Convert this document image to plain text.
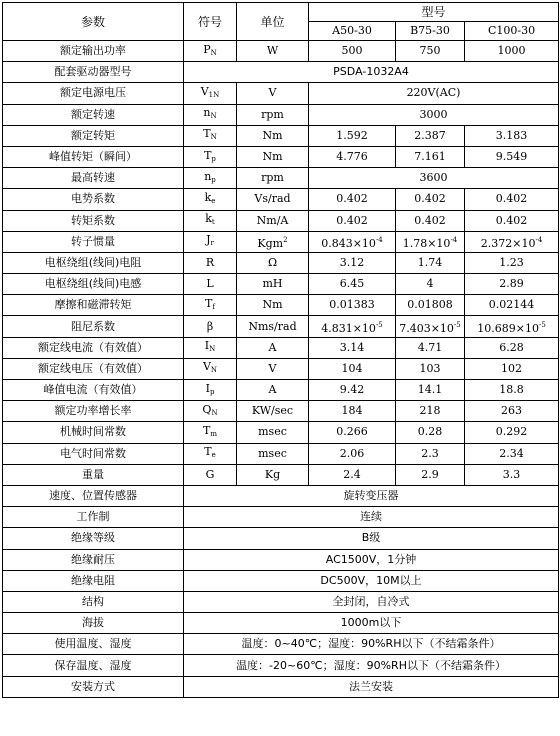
参数	符号	单位	型号		
			A50-30	B75-30	C100-30
额定输出功率	$P_N$	W	500	750	1000
配套驱动器型号	PSDA-1032A4				
额定电源电压	$V_{1N}$	V	220V(AC)		
额定转速	$n_N$	rpm	3000		
额定转矩	$T_N$	Nm	1.592	2.387	3.183
峰值转矩（瞬间）	$T_p$	Nm	4.776	7.161	9.549
最高转速	$n_p$	rpm	3600		
电势系数	$k_e$	Vs/rad	0.402	0.402	0.402
转矩系数	$k_t$	Nm/A	0.402	0.402	0.402
转子惯量	$J_r$	Kgm$^2$	$0.843\times 10^{-4}$	$1.78\times 10^{-4}$	$2.372\times 10^{-4}$
电枢绕组(线间)电阻	R	Ω	3.12	1.74	1.23
电枢绕组(线间)电感	L	mH	6.45	4	2.89
摩擦和磁滞转矩	$T_f$	Nm	0.01383	0.01808	0.02144
阻尼系数	β	Nms/rad	$4.831\times 10^{-5}$	$7.403\times 10^{-5}$	$10.689\times 10^{-5}$
额定线电流（有效值）	$I_N$	A	3.14	4.71	6.28
额定线电压（有效值）	$V_N$	V	104	103	102
峰值电流（有效值）	$I_p$	A	9.42	14.1	18.8
额定功率增长率	$Q_N$	KW/sec	184	218	263
机械时间常数	$T_m$	msec	0.266	0.28	0.292
电气时间常数	$T_e$	msec	2.06	2.3	2.34
重量	G	Kg	2.4	2.9	3.3
速度、位置传感器	旋转变压器				
工作制	连续				
绝缘等级	B级				
绝缘耐压	AC1500V，1分钟				
绝缘电阻	DC500V，10M以上				
结构	全封闭，自冷式				
海拔	1000m以下				
使用温度、湿度	温度：0~40℃；湿度：90%RH以下（不结霜条件）				
保存温度、湿度	温度：-20~60℃；湿度：90%RH以下（不结霜条件）				
安装方式	法兰安装				
